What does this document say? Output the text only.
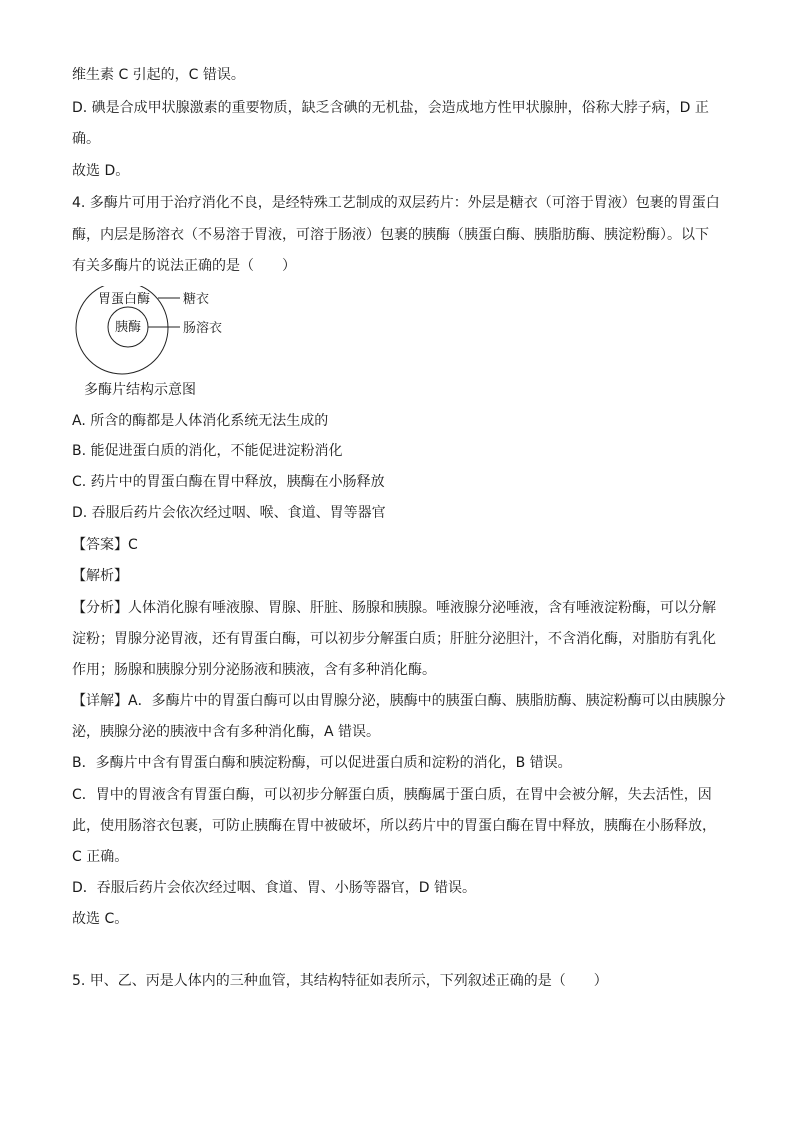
维生素 C 引起的，C 错误。
D. 碘是合成甲状腺激素的重要物质，缺乏含碘的无机盐，会造成地方性甲状腺肿，俗称大脖子病，D 正
确。
故选 D。
4. 多酶片可用于治疗消化不良，是经特殊工艺制成的双层药片：外层是糖衣（可溶于胃液）包裹的胃蛋白
酶，内层是肠溶衣（不易溶于胃液，可溶于肠液）包裹的胰酶（胰蛋白酶、胰脂肪酶、胰淀粉酶）。以下
有关多酶片的说法正确的是（　　）
胃蛋白酶
胰酶
糖衣
肠溶衣
多酶片结构示意图
A. 所含的酶都是人体消化系统无法生成的
B. 能促进蛋白质的消化，不能促进淀粉消化
C. 药片中的胃蛋白酶在胃中释放，胰酶在小肠释放
D. 吞服后药片会依次经过咽、喉、食道、胃等器官
【答案】C
【解析】
【分析】人体消化腺有唾液腺、胃腺、肝脏、肠腺和胰腺。唾液腺分泌唾液，含有唾液淀粉酶，可以分解
淀粉；胃腺分泌胃液，还有胃蛋白酶，可以初步分解蛋白质；肝脏分泌胆汁，不含消化酶，对脂肪有乳化
作用；肠腺和胰腺分别分泌肠液和胰液，含有多种消化酶。
【详解】A．多酶片中的胃蛋白酶可以由胃腺分泌，胰酶中的胰蛋白酶、胰脂肪酶、胰淀粉酶可以由胰腺分
泌，胰腺分泌的胰液中含有多种消化酶，A 错误。
B．多酶片中含有胃蛋白酶和胰淀粉酶，可以促进蛋白质和淀粉的消化，B 错误。
C．胃中的胃液含有胃蛋白酶，可以初步分解蛋白质，胰酶属于蛋白质，在胃中会被分解，失去活性，因
此，使用肠溶衣包裹，可防止胰酶在胃中被破坏，所以药片中的胃蛋白酶在胃中释放，胰酶在小肠释放，
C 正确。
D．吞服后药片会依次经过咽、食道、胃、小肠等器官，D 错误。
故选 C。
5. 甲、乙、丙是人体内的三种血管，其结构特征如表所示，下列叙述正确的是（　　）
